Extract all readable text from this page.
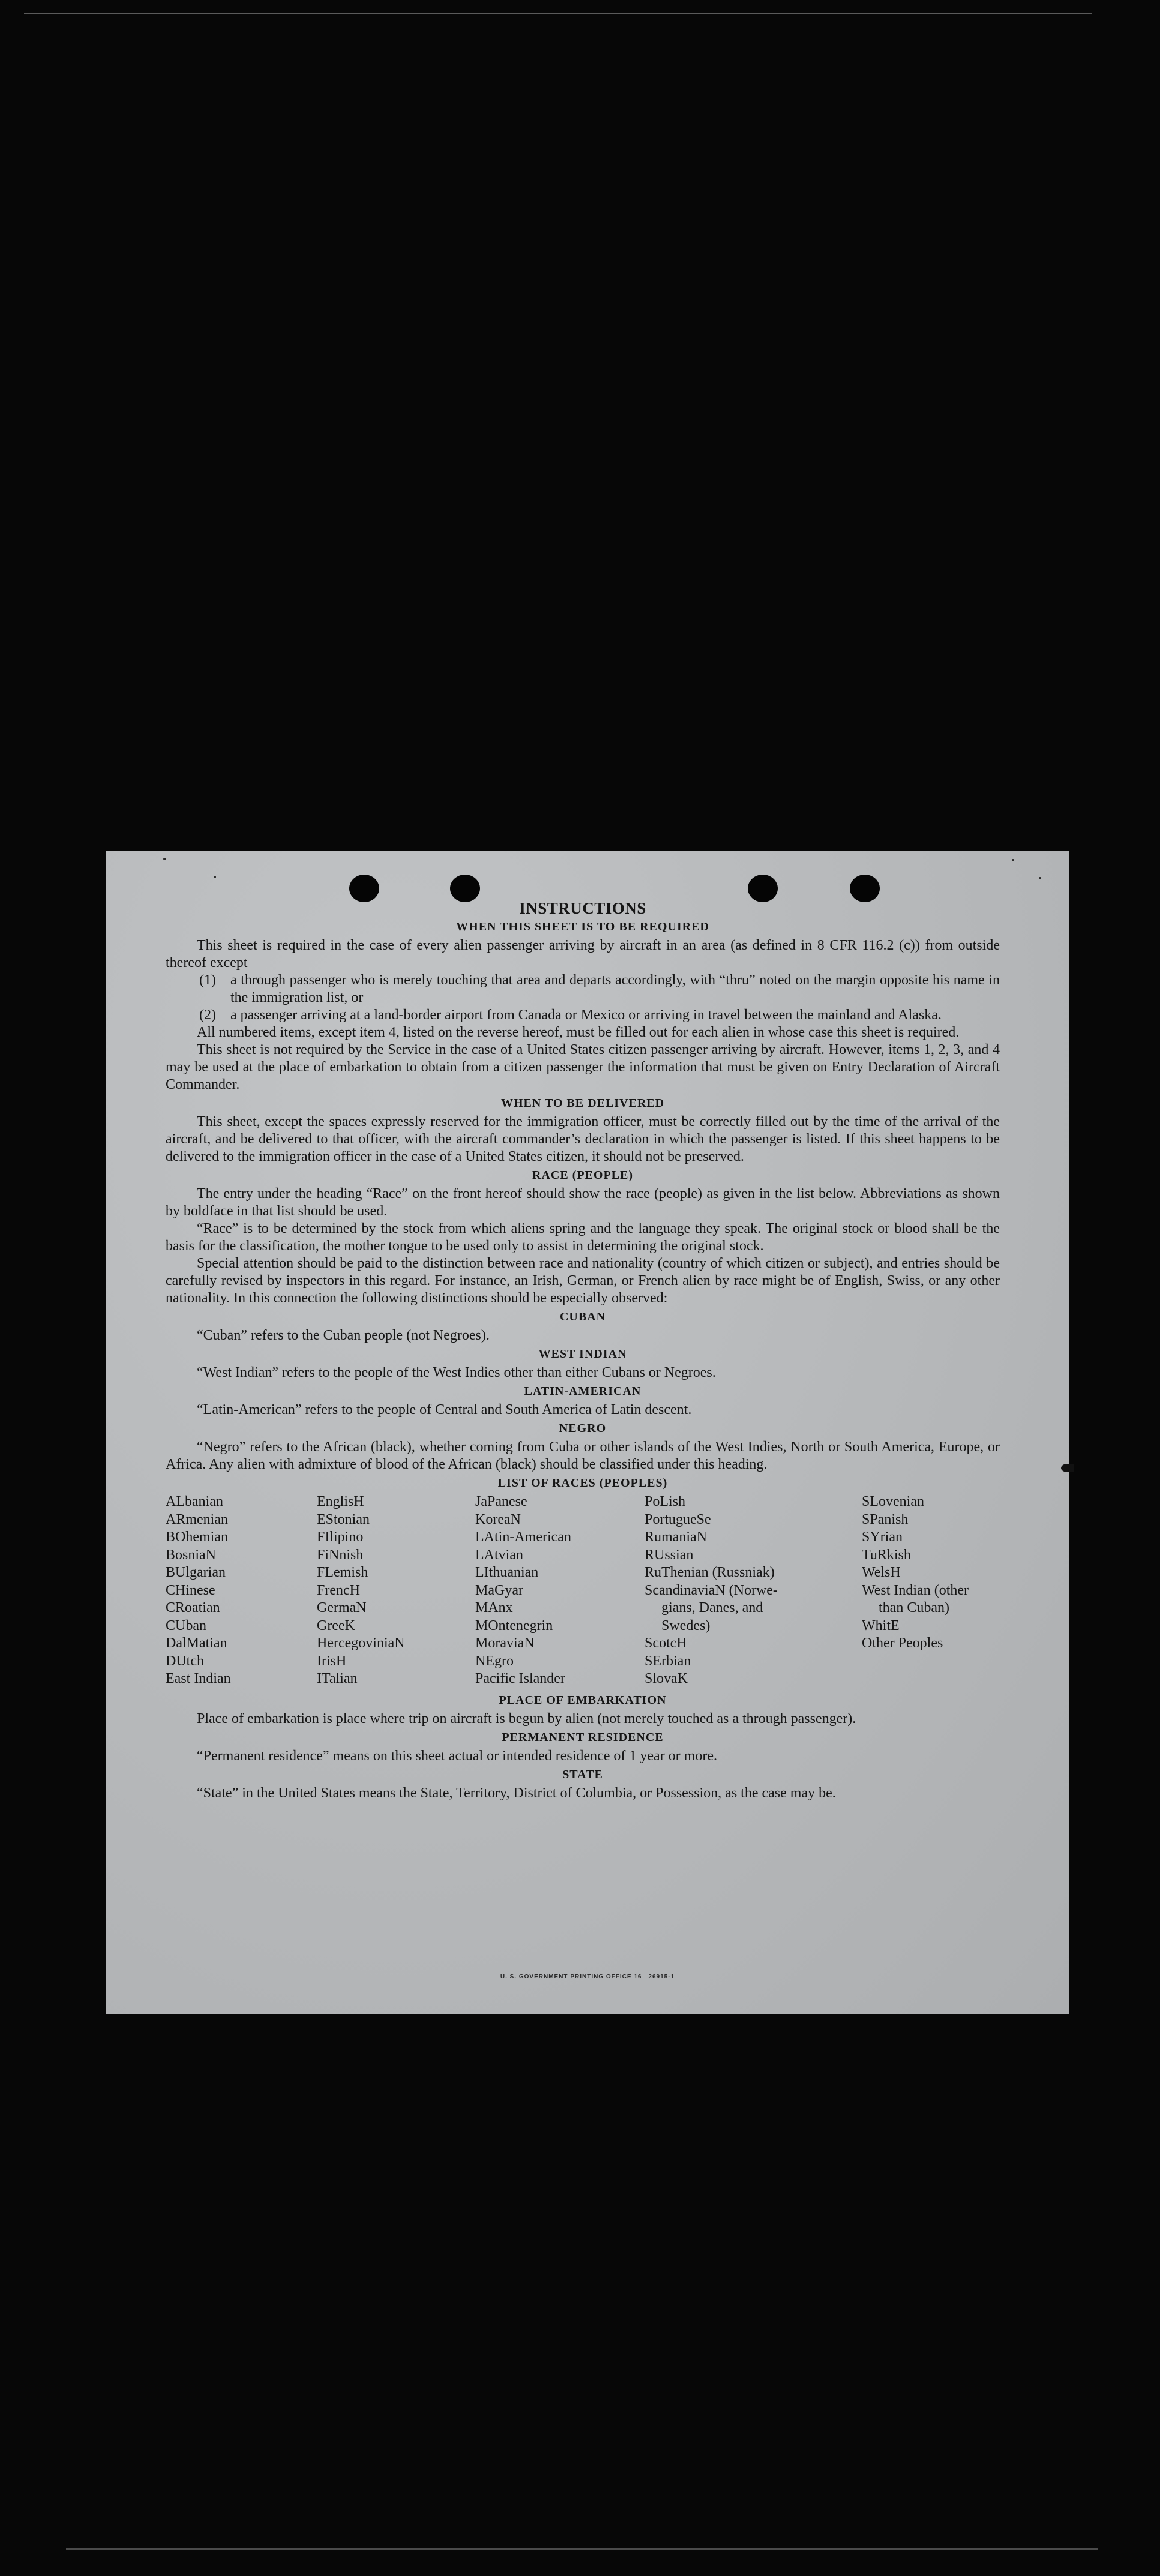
INSTRUCTIONS
WHEN THIS SHEET IS TO BE REQUIRED

This sheet is required in the case of every alien passenger arriving by aircraft in an area (as defined in 8 CFR 116.2 (c)) from outside thereof except

(1)	a through passenger who is merely touching that area and departs accordingly, with “thru” noted on the margin opposite his name in the immigration list, or
(2)	a passenger arriving at a land-border airport from Canada or Mexico or arriving in travel between the mainland and Alaska.

All numbered items, except item 4, listed on the reverse hereof, must be filled out for each alien in whose case this sheet is required.

This sheet is not required by the Service in the case of a United States citizen passenger arriving by aircraft. However, items 1, 2, 3, and 4 may be used at the place of embarkation to obtain from a citizen passenger the information that must be given on Entry Declaration of Aircraft Commander.

WHEN TO BE DELIVERED

This sheet, except the spaces expressly reserved for the immigration officer, must be correctly filled out by the time of the arrival of the aircraft, and be delivered to that officer, with the aircraft commander’s declaration in which the passenger is listed. If this sheet happens to be delivered to the immigration officer in the case of a United States citizen, it should not be preserved.

RACE (PEOPLE)

The entry under the heading “Race” on the front hereof should show the race (people) as given in the list below. Abbreviations as shown by boldface in that list should be used.

“Race” is to be determined by the stock from which aliens spring and the language they speak. The original stock or blood shall be the basis for the classification, the mother tongue to be used only to assist in determining the original stock.

Special attention should be paid to the distinction between race and nationality (country of which citizen or subject), and entries should be carefully revised by inspectors in this regard. For instance, an Irish, German, or French alien by race might be of English, Swiss, or any other nationality. In this connection the following distinctions should be especially observed:

CUBAN

“Cuban” refers to the Cuban people (not Negroes).

WEST INDIAN

“West Indian” refers to the people of the West Indies other than either Cubans or Negroes.

LATIN-AMERICAN

“Latin-American” refers to the people of Central and South America of Latin descent.

NEGRO

“Negro” refers to the African (black), whether coming from Cuba or other islands of the West Indies, North or South America, Europe, or Africa. Any alien with admixture of blood of the African (black) should be classified under this heading.

LIST OF RACES (PEOPLES)
ALbanian
ARmenian
BOhemian
BosniaN
BUlgarian
CHinese
CRoatian
CUban
DalMatian
DUtch
East Indian
EnglisH
EStonian
FIlipino
FiNnish
FLemish
FrencH
GermaN
GreeK
HercegoviniaN
IrisH
ITalian
JaPanese
KoreaN
LAtin-American
LAtvian
LIthuanian
MaGyar
MAnx
MOntenegrin
MoraviaN
NEgro
Pacific Islander
PoLish
PortugueSe
RumaniaN
RUssian
RuThenian (Russniak)
ScandinaviaN (Norwe-
gians, Danes, and
Swedes)
ScotcH
SErbian
SlovaK
SLovenian
SPanish
SYrian
TuRkish
WelsH
West Indian (other
than Cuban)
WhitE
Other Peoples
PLACE OF EMBARKATION

Place of embarkation is place where trip on aircraft is begun by alien (not merely touched as a through passenger).

PERMANENT RESIDENCE

“Permanent residence” means on this sheet actual or intended residence of 1 year or more.

STATE

“State” in the United States means the State, Territory, District of Columbia, or Possession, as the case may be.

U. S. GOVERNMENT PRINTING OFFICE 16—26915-1
